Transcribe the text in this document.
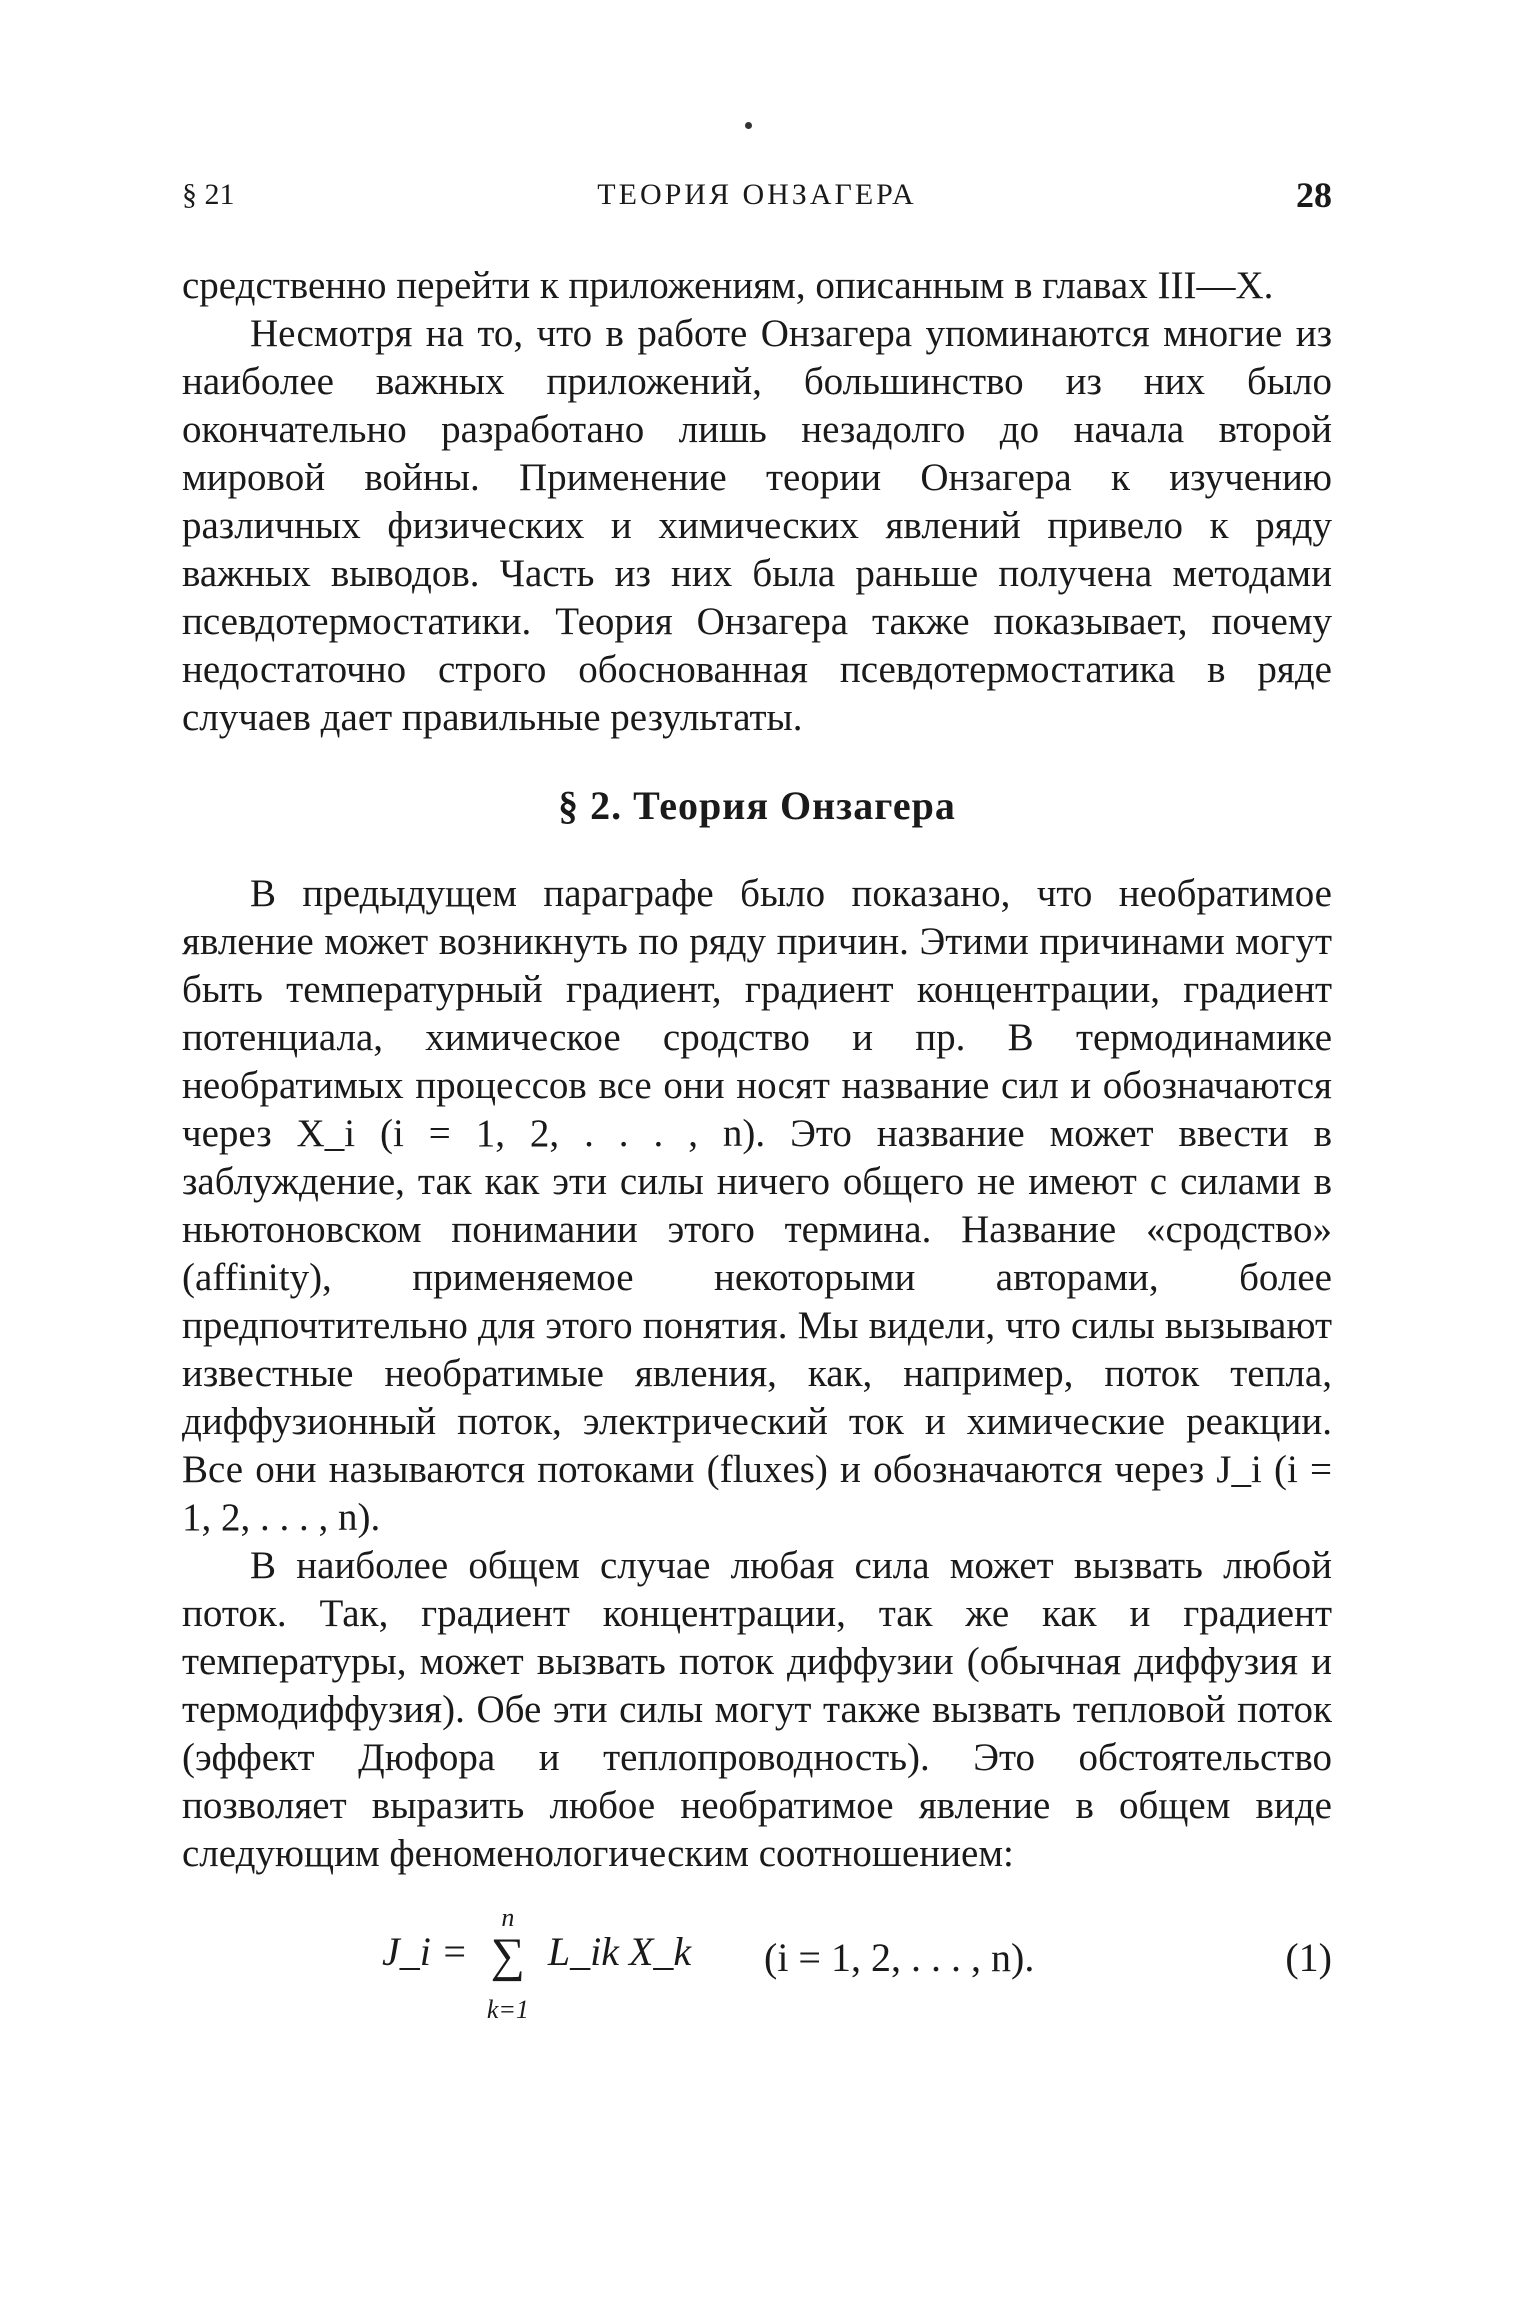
§ 21	ТЕОРИЯ ОНЗАГЕРА	28

средственно перейти к приложениям, описанным в главах III—X.

Несмотря на то, что в работе Онзагера упоминаются многие из наиболее важных приложений, большинство из них было окончательно разработано лишь незадолго до начала второй мировой войны. Применение теории Онзагера к изучению различных физических и химических явлений привело к ряду важных выводов. Часть из них была раньше получена методами псевдотермостатики. Теория Онзагера также показывает, почему недостаточно строго обоснованная псевдотермостатика в ряде случаев дает правильные результаты.

§ 2. Теория Онзагера

В предыдущем параграфе было показано, что необратимое явление может возникнуть по ряду причин. Этими причинами могут быть температурный градиент, градиент концентрации, градиент потенциала, химическое сродство и пр. В термодинамике необратимых процессов все они носят название сил и обозначаются через X_i (i = 1, 2, . . . , n). Это название может ввести в заблуждение, так как эти силы ничего общего не имеют с силами в ньютоновском понимании этого термина. Название «сродство» (affinity), применяемое некоторыми авторами, более предпочтительно для этого понятия. Мы видели, что силы вызывают известные необратимые явления, как, например, поток тепла, диффузионный поток, электрический ток и химические реакции. Все они называются потоками (fluxes) и обозначаются через J_i (i = 1, 2, . . . , n).

В наиболее общем случае любая сила может вызвать любой поток. Так, градиент концентрации, так же как и градиент температуры, может вызвать поток диффузии (обычная диффузия и термодиффузия). Обе эти силы могут также вызвать тепловой поток (эффект Дюфора и теплопроводность). Это обстоятельство позволяет выразить любое необратимое явление в общем виде следующим феноменологическим соотношением:

J_i = ∑
n
k=1
L_ik X_k (i = 1, 2, . . . , n).	(1)
